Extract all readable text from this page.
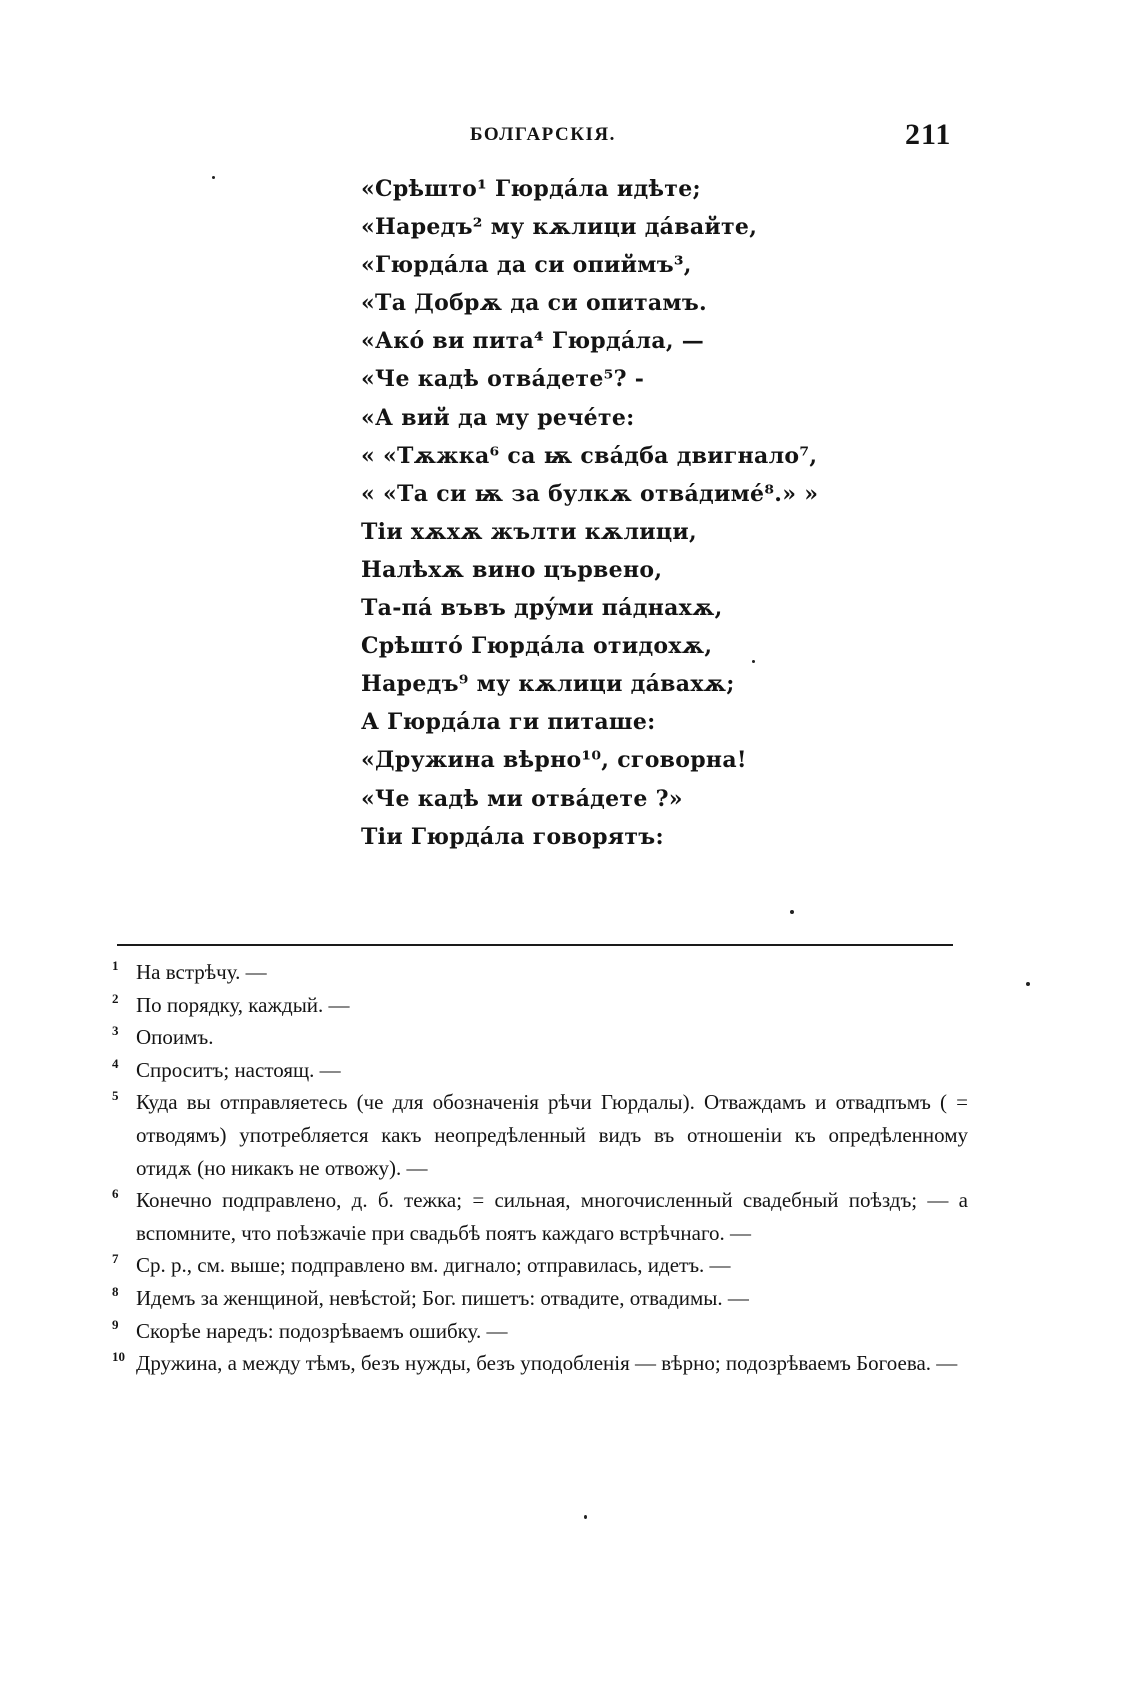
БОЛГАРСКІЯ.	211
«Срѣшто¹ Гюрдáла идѣте;
«Наредъ² му кѫлици дáвайте,
«Гюрдáла да си опиймъ³,
«Та Добрѫ да си опитамъ.
«Акó ви пита⁴ Гюрдáла, —
«Че кадѣ отвáдете⁵? -
«А вий да му речéте:
« «Тѫжка⁶ са ѭ свáдба двигнало⁷,
« «Та си ѭ за булкѫ отвáдимé⁸.» »
Тіи хѫхѫ жълти кѫлици,
Налѣхѫ вино цървено,
Та-пá въвъ дрýми пáднахѫ,
Срѣштó Гюрдáла отидохѫ,
Наредъ⁹ му кѫлици дáвахѫ;
А Гюрдáла ги питаше:
«Дружина вѣрно¹⁰, сговорна!
«Че кадѣ ми отвáдете ?»
Тіи Гюрдáла говорятъ:
1 На встрѣчу. —
2 По порядку, каждый. —
3 Опоимъ.
4 Спроситъ; настоящ. —
5 Куда вы отправляетесь (че для обозначенія рѣчи Гюрдалы). Отваждамъ и отвадпъмъ ( = отводямъ) употребляется какъ неопредѣленный видъ въ отношеніи къ опредѣленному отидѫ (но никакъ не отвожу). —
6 Конечно подправлено, д. б. тежка; = сильная, многочисленный свадебный поѣздъ; — а вспомните, что поѣзжачіе при свадьбѣ поятъ каждаго встрѣчнаго. —
7 Ср. р., см. выше; подправлено вм. дигнало; отправилась, идетъ. —
8 Идемъ за женщиной, невѣстой; Бог. пишетъ: отвадите, отвадимы. —
9 Скорѣе наредъ: подозрѣваемъ ошибку. —
10 Дружина, а между тѣмъ, безъ нужды, безъ уподобленія — вѣрно; подозрѣваемъ Богоева. —
